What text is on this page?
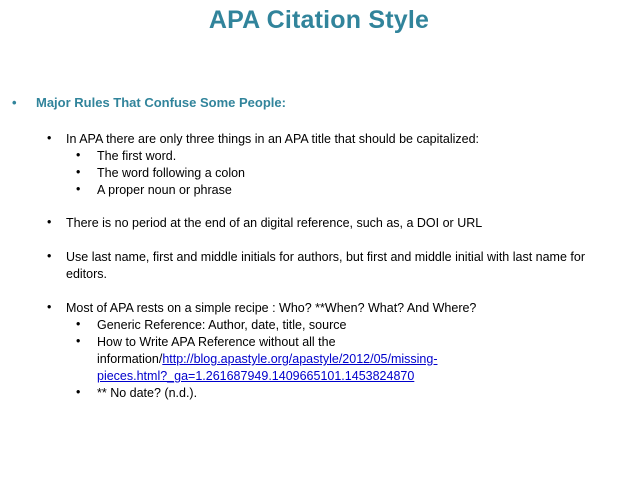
APA Citation Style
• Major Rules That Confuse Some People:
• In APA there are only three things in an APA title that should be capitalized:
• The first word.
• The word following a colon
• A proper noun or phrase
• There is no period at the end of an digital reference, such as, a DOI or URL
• Use last name, first and middle initials for authors, but first and middle initial with last name for
editors.
• Most of APA rests on a simple recipe : Who? **When? What? And Where?
• Generic Reference: Author, date, title, source
• How to Write APA Reference without all the
information/http://blog.apastyle.org/apastyle/2012/05/missing-
pieces.html?_ga=1.261687949.1409665101.1453824870
• ** No date? (n.d.).
